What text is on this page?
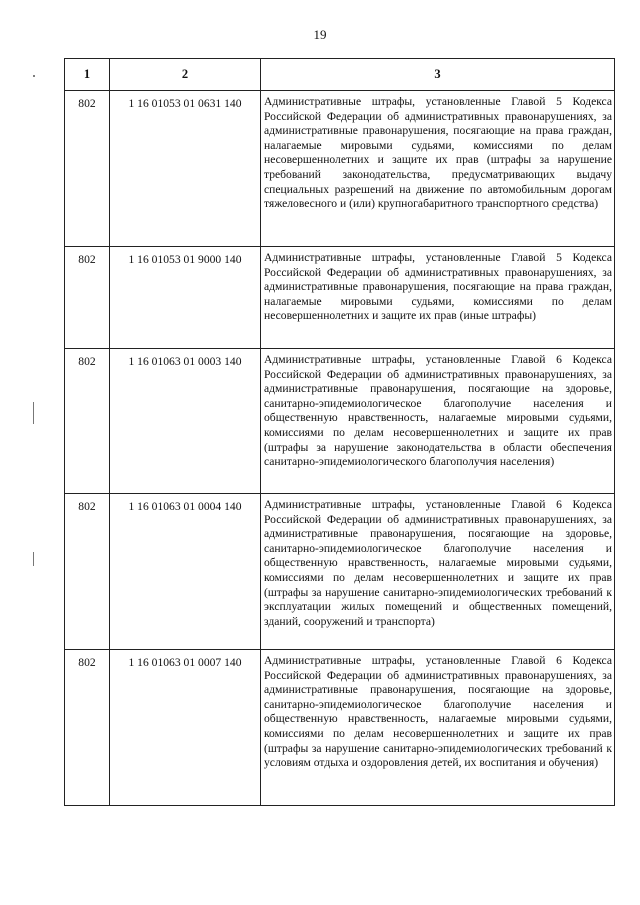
19
1	2	3
802	1 16 01053 01 0631 140	Административные штрафы, установленные Главой 5 Кодекса Российской Федерации об административных правонарушениях, за административные правонарушения, посягающие на права граждан, налагаемые мировыми судьями, комиссиями по делам несовершеннолетних и защите их прав (штрафы за нарушение требований законодательства, предусматривающих выдачу специальных разрешений на движение по автомобильным дорогам тяжеловесного и (или) крупногабаритного транспортного средства)
802	1 16 01053 01 9000 140	Административные штрафы, установленные Главой 5 Кодекса Российской Федерации об административных правонарушениях, за административные правонарушения, посягающие на права граждан, налагаемые мировыми судьями, комиссиями по делам несовершеннолетних и защите их прав (иные штрафы)
802	1 16 01063 01 0003 140	Административные штрафы, установленные Главой 6 Кодекса Российской Федерации об административных правонарушениях, за административные правонарушения, посягающие на здоровье, санитарно-эпидемиологическое благополучие населения и общественную нравственность, налагаемые мировыми судьями, комиссиями по делам несовершеннолетних и защите их прав (штрафы за нарушение законодательства в области обеспечения санитарно-эпидемиологического благополучия населения)
802	1 16 01063 01 0004 140	Административные штрафы, установленные Главой 6 Кодекса Российской Федерации об административных правонарушениях, за административные правонарушения, посягающие на здоровье, санитарно-эпидемиологическое благополучие населения и общественную нравственность, налагаемые мировыми судьями, комиссиями по делам несовершеннолетних и защите их прав (штрафы за нарушение санитарно-эпидемиологических требований к эксплуатации жилых помещений и общественных помещений, зданий, сооружений и транспорта)
802	1 16 01063 01 0007 140	Административные штрафы, установленные Главой 6 Кодекса Российской Федерации об административных правонарушениях, за административные правонарушения, посягающие на здоровье, санитарно-эпидемиологическое благополучие населения и общественную нравственность, налагаемые мировыми судьями, комиссиями по делам несовершеннолетних и защите их прав (штрафы за нарушение санитарно-эпидемиологических требований к условиям отдыха и оздоровления детей, их воспитания и обучения)
